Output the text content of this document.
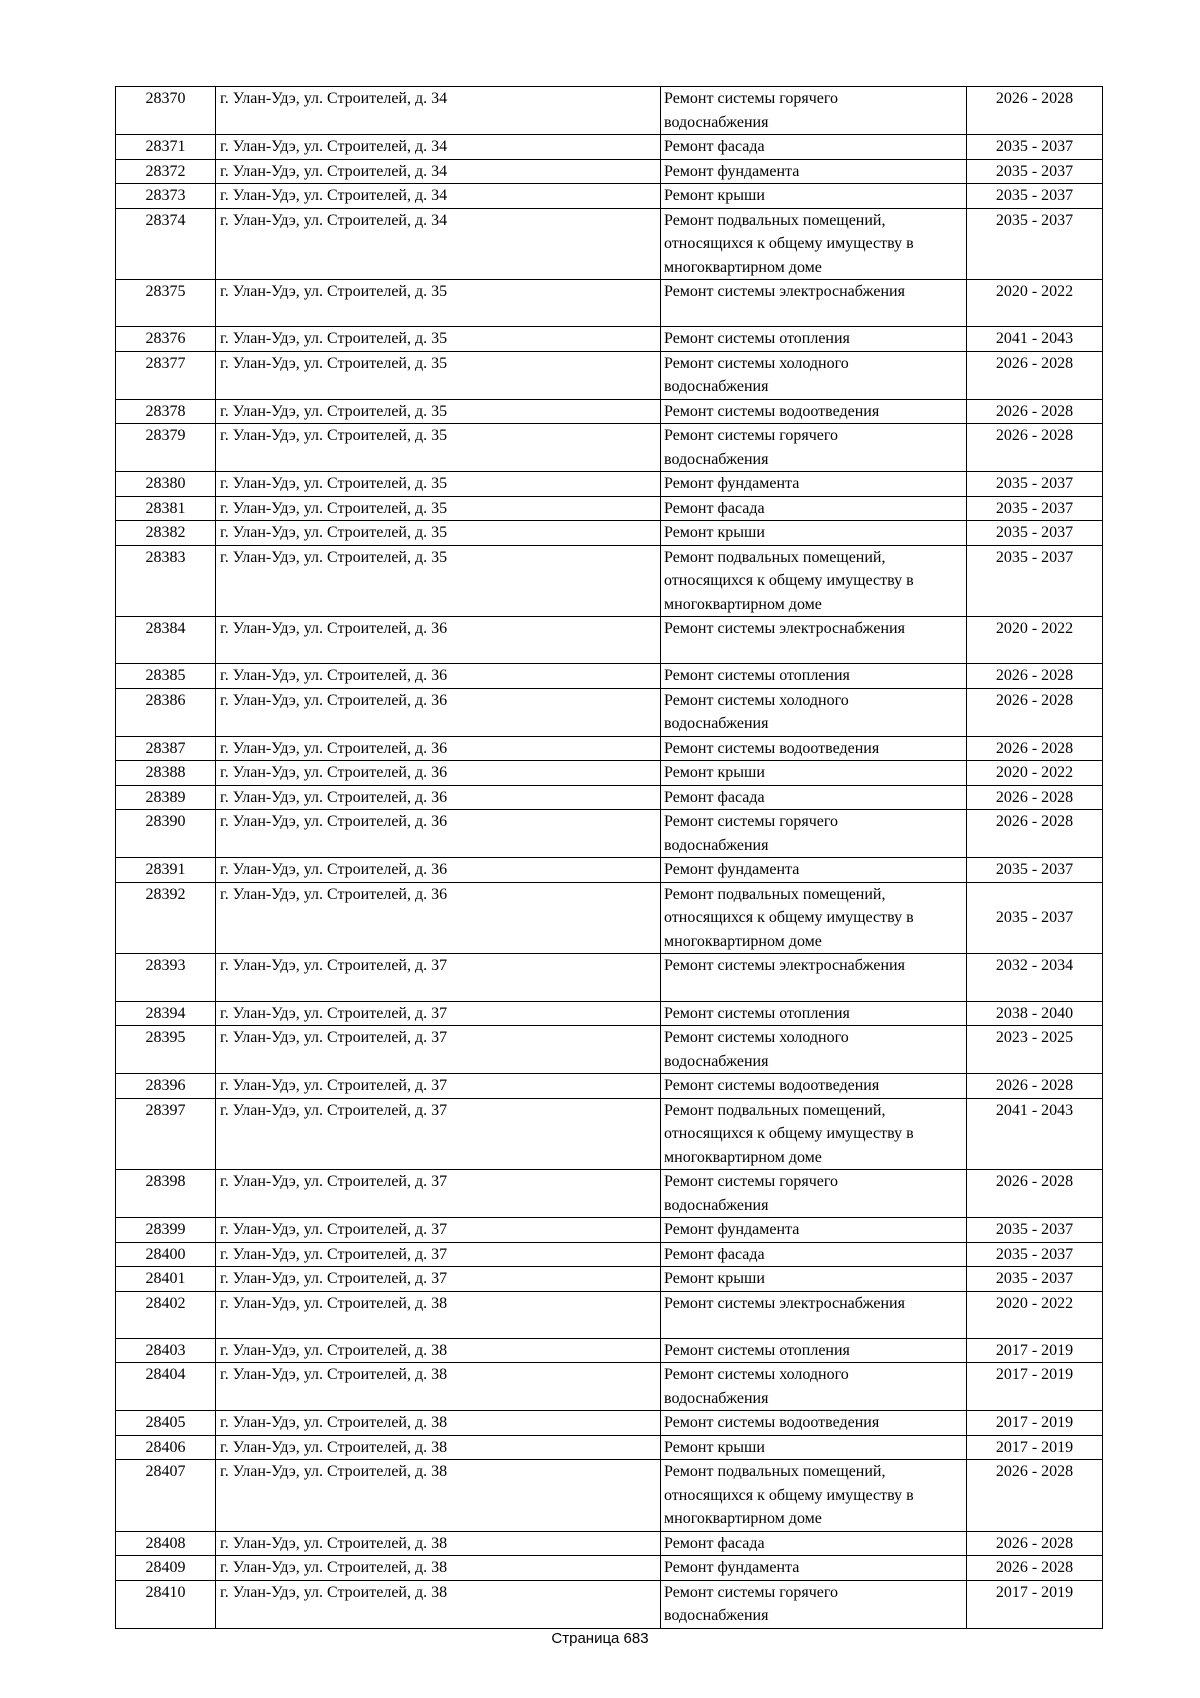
28370	г. Улан-Удэ, ул. Строителей, д. 34	Ремонт системы горячего
водоснабжения	2026 - 2028
28371	г. Улан-Удэ, ул. Строителей, д. 34	Ремонт фасада	2035 - 2037
28372	г. Улан-Удэ, ул. Строителей, д. 34	Ремонт фундамента	2035 - 2037
28373	г. Улан-Удэ, ул. Строителей, д. 34	Ремонт крыши	2035 - 2037
28374	г. Улан-Удэ, ул. Строителей, д. 34	Ремонт подвальных помещений,
относящихся к общему имуществу в
многоквартирном доме	2035 - 2037
28375	г. Улан-Удэ, ул. Строителей, д. 35	Ремонт системы электроснабжения	2020 - 2022
28376	г. Улан-Удэ, ул. Строителей, д. 35	Ремонт системы отопления	2041 - 2043
28377	г. Улан-Удэ, ул. Строителей, д. 35	Ремонт системы холодного
водоснабжения	2026 - 2028
28378	г. Улан-Удэ, ул. Строителей, д. 35	Ремонт системы водоотведения	2026 - 2028
28379	г. Улан-Удэ, ул. Строителей, д. 35	Ремонт системы горячего
водоснабжения	2026 - 2028
28380	г. Улан-Удэ, ул. Строителей, д. 35	Ремонт фундамента	2035 - 2037
28381	г. Улан-Удэ, ул. Строителей, д. 35	Ремонт фасада	2035 - 2037
28382	г. Улан-Удэ, ул. Строителей, д. 35	Ремонт крыши	2035 - 2037
28383	г. Улан-Удэ, ул. Строителей, д. 35	Ремонт подвальных помещений,
относящихся к общему имуществу в
многоквартирном доме	2035 - 2037
28384	г. Улан-Удэ, ул. Строителей, д. 36	Ремонт системы электроснабжения	2020 - 2022
28385	г. Улан-Удэ, ул. Строителей, д. 36	Ремонт системы отопления	2026 - 2028
28386	г. Улан-Удэ, ул. Строителей, д. 36	Ремонт системы холодного
водоснабжения	2026 - 2028
28387	г. Улан-Удэ, ул. Строителей, д. 36	Ремонт системы водоотведения	2026 - 2028
28388	г. Улан-Удэ, ул. Строителей, д. 36	Ремонт крыши	2020 - 2022
28389	г. Улан-Удэ, ул. Строителей, д. 36	Ремонт фасада	2026 - 2028
28390	г. Улан-Удэ, ул. Строителей, д. 36	Ремонт системы горячего
водоснабжения	2026 - 2028
28391	г. Улан-Удэ, ул. Строителей, д. 36	Ремонт фундамента	2035 - 2037
28392	г. Улан-Удэ, ул. Строителей, д. 36	Ремонт подвальных помещений,
относящихся к общему имуществу в
многоквартирном доме	2035 - 2037
28393	г. Улан-Удэ, ул. Строителей, д. 37	Ремонт системы электроснабжения	2032 - 2034
28394	г. Улан-Удэ, ул. Строителей, д. 37	Ремонт системы отопления	2038 - 2040
28395	г. Улан-Удэ, ул. Строителей, д. 37	Ремонт системы холодного
водоснабжения	2023 - 2025
28396	г. Улан-Удэ, ул. Строителей, д. 37	Ремонт системы водоотведения	2026 - 2028
28397	г. Улан-Удэ, ул. Строителей, д. 37	Ремонт подвальных помещений,
относящихся к общему имуществу в
многоквартирном доме	2041 - 2043
28398	г. Улан-Удэ, ул. Строителей, д. 37	Ремонт системы горячего
водоснабжения	2026 - 2028
28399	г. Улан-Удэ, ул. Строителей, д. 37	Ремонт фундамента	2035 - 2037
28400	г. Улан-Удэ, ул. Строителей, д. 37	Ремонт фасада	2035 - 2037
28401	г. Улан-Удэ, ул. Строителей, д. 37	Ремонт крыши	2035 - 2037
28402	г. Улан-Удэ, ул. Строителей, д. 38	Ремонт системы электроснабжения	2020 - 2022
28403	г. Улан-Удэ, ул. Строителей, д. 38	Ремонт системы отопления	2017 - 2019
28404	г. Улан-Удэ, ул. Строителей, д. 38	Ремонт системы холодного
водоснабжения	2017 - 2019
28405	г. Улан-Удэ, ул. Строителей, д. 38	Ремонт системы водоотведения	2017 - 2019
28406	г. Улан-Удэ, ул. Строителей, д. 38	Ремонт крыши	2017 - 2019
28407	г. Улан-Удэ, ул. Строителей, д. 38	Ремонт подвальных помещений,
относящихся к общему имуществу в
многоквартирном доме	2026 - 2028
28408	г. Улан-Удэ, ул. Строителей, д. 38	Ремонт фасада	2026 - 2028
28409	г. Улан-Удэ, ул. Строителей, д. 38	Ремонт фундамента	2026 - 2028
28410	г. Улан-Удэ, ул. Строителей, д. 38	Ремонт системы горячего
водоснабжения	2017 - 2019
Страница 683
